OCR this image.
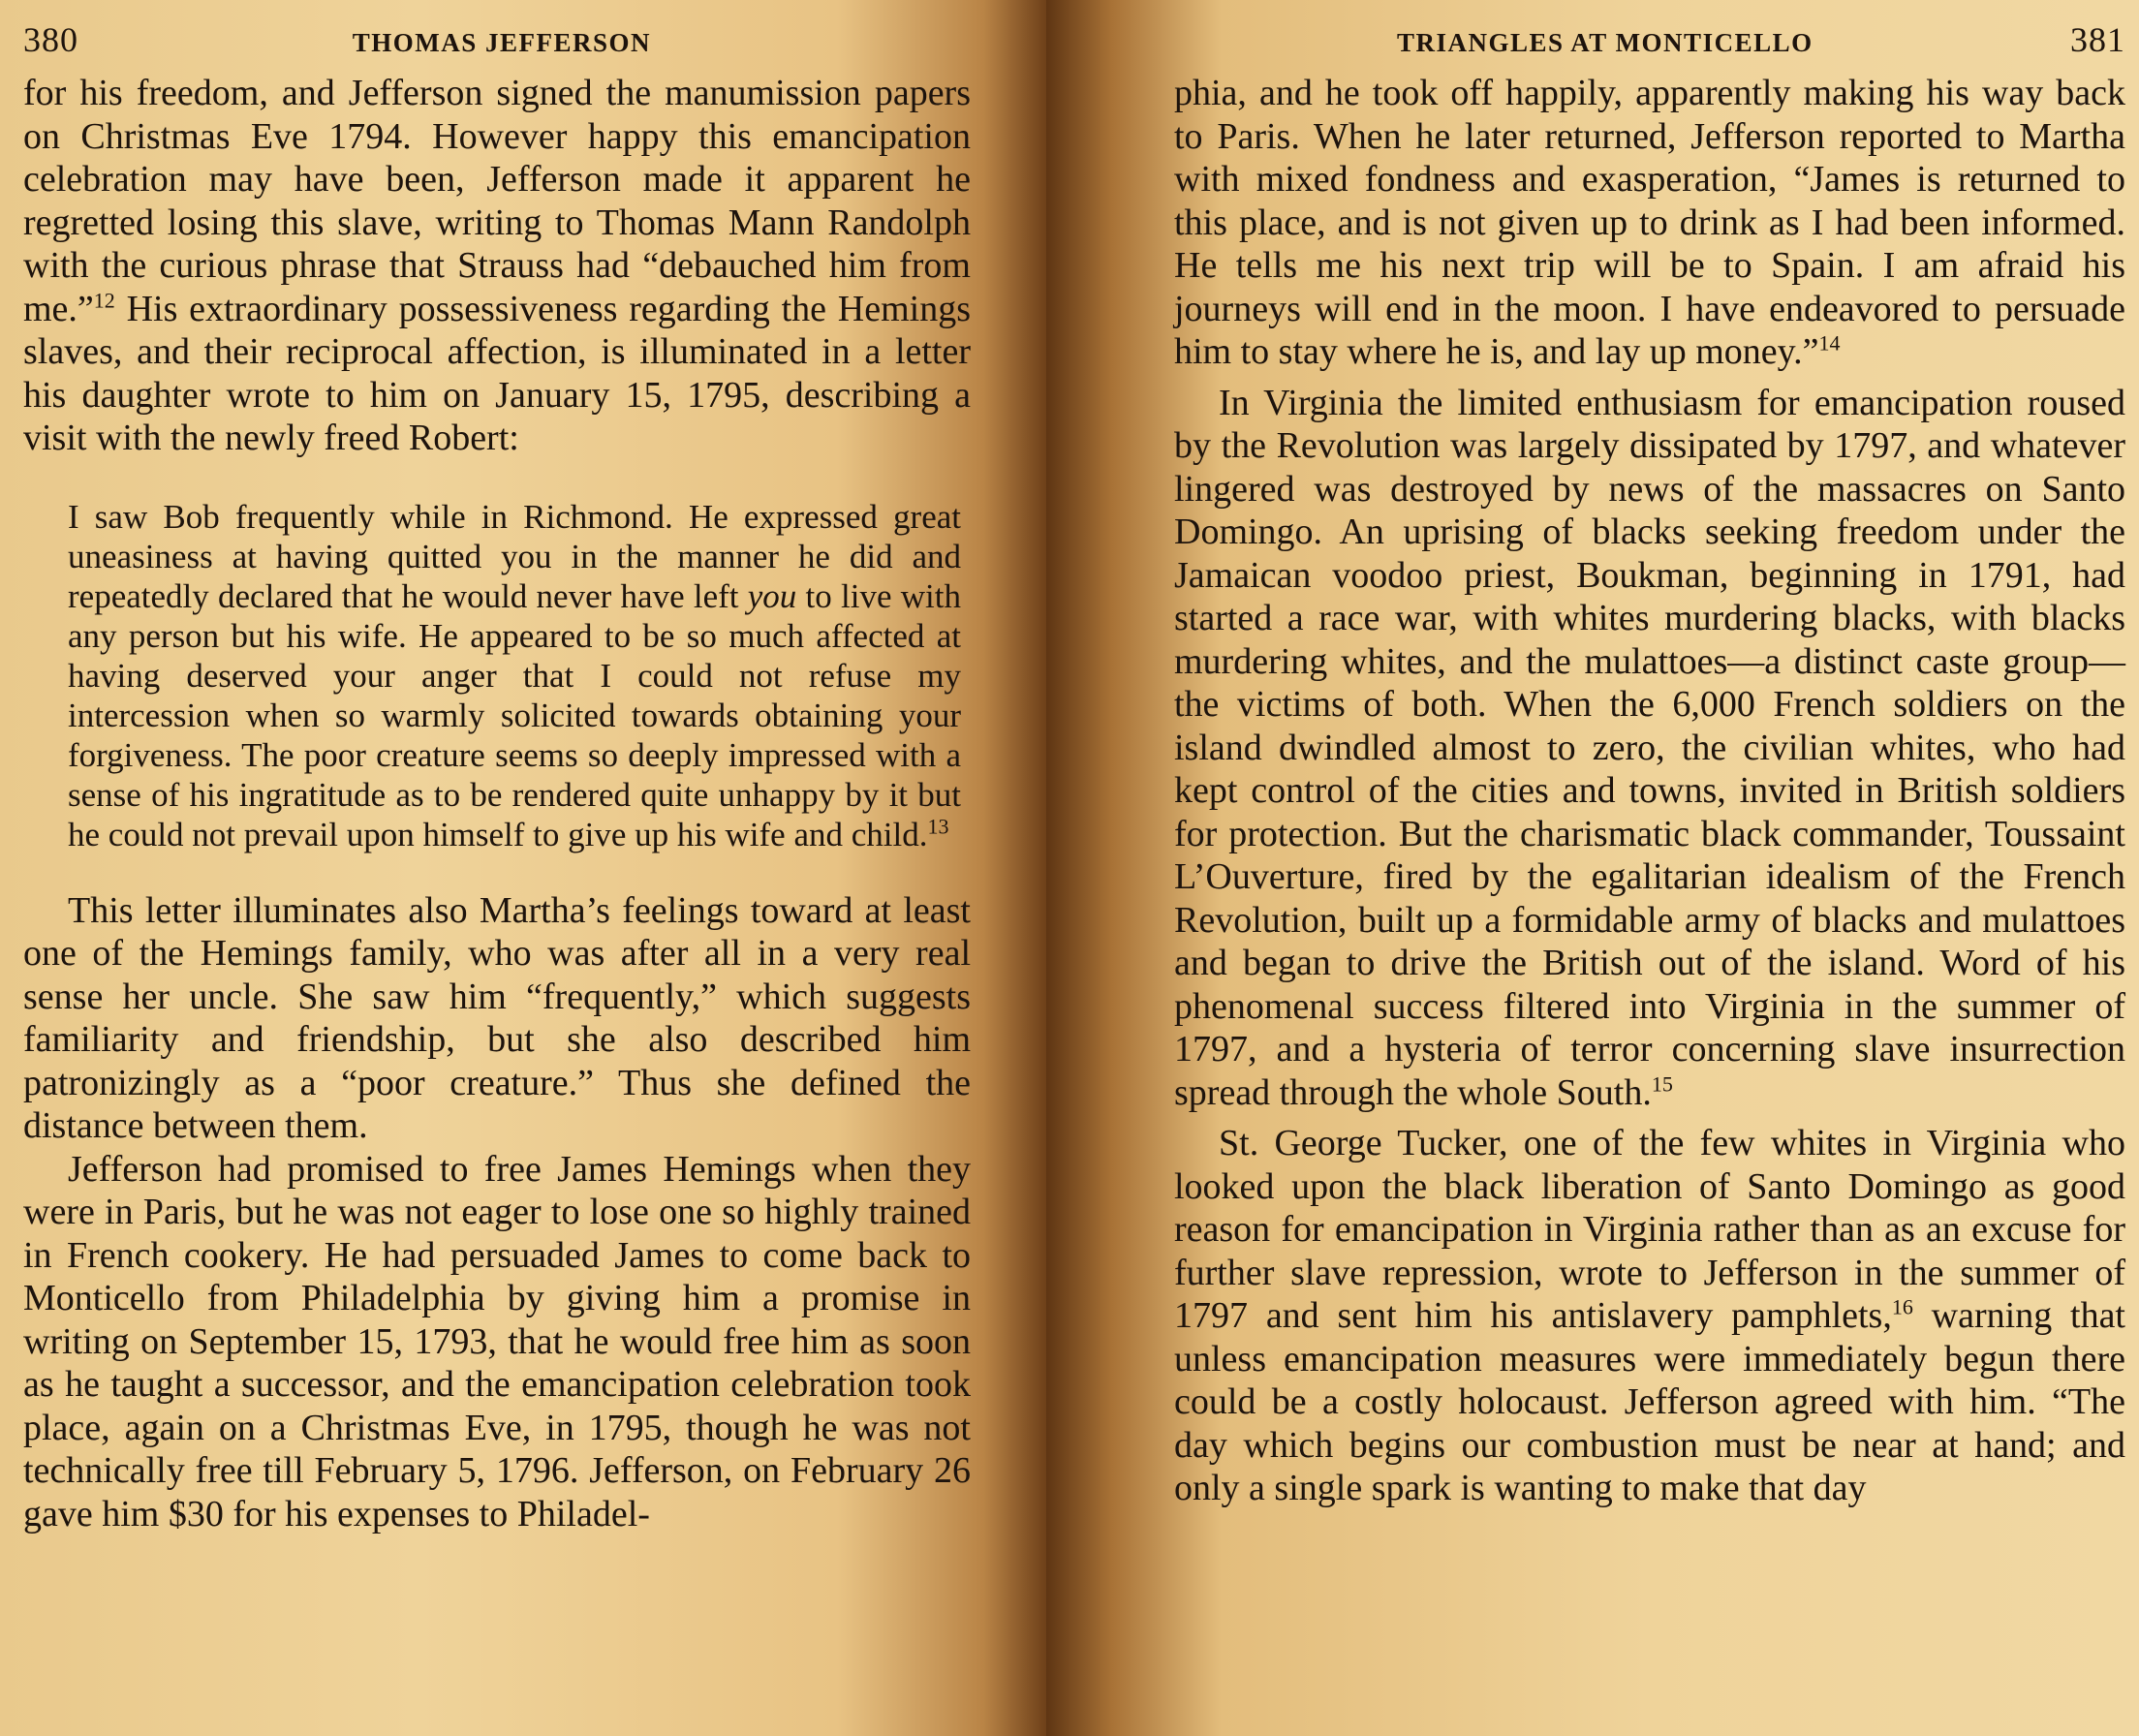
380	THOMAS JEFFERSON

for his freedom, and Jefferson signed the manumission papers on Christmas Eve 1794. However happy this emancipation celebration may have been, Jefferson made it apparent he regretted losing this slave, writing to Thomas Mann Randolph with the curious phrase that Strauss had “debauched him from me.”$^{12}$ His extraordinary possessiveness regarding the Hemings slaves, and their reciprocal affection, is illuminated in a letter his daughter wrote to him on January 15, 1795, describing a visit with the newly freed Robert:

I saw Bob frequently while in Richmond. He expressed great uneasiness at having quitted you in the manner he did and repeatedly declared that he would never have left you to live with any person but his wife. He appeared to be so much affected at having deserved your anger that I could not refuse my intercession when so warmly solicited towards obtaining your forgiveness. The poor creature seems so deeply impressed with a sense of his ingratitude as to be rendered quite unhappy by it but he could not prevail upon himself to give up his wife and child.$^{13}$

This letter illuminates also Martha’s feelings toward at least one of the Hemings family, who was after all in a very real sense her uncle. She saw him “frequently,” which suggests familiarity and friendship, but she also described him patronizingly as a “poor creature.” Thus she defined the distance between them.

Jefferson had promised to free James Hemings when they were in Paris, but he was not eager to lose one so highly trained in French cookery. He had persuaded James to come back to Monticello from Philadelphia by giving him a promise in writing on September 15, 1793, that he would free him as soon as he taught a successor, and the emancipation celebration took place, again on a Christmas Eve, in 1795, though he was not technically free till February 5, 1796. Jefferson, on February 26 gave him $30 for his expenses to Philadel-

TRIANGLES AT MONTICELLO	381

phia, and he took off happily, apparently making his way back to Paris. When he later returned, Jefferson reported to Martha with mixed fondness and exasperation, “James is returned to this place, and is not given up to drink as I had been informed. He tells me his next trip will be to Spain. I am afraid his journeys will end in the moon. I have endeavored to persuade him to stay where he is, and lay up money.”$^{14}$

In Virginia the limited enthusiasm for emancipation roused by the Revolution was largely dissipated by 1797, and whatever lingered was destroyed by news of the massacres on Santo Domingo. An uprising of blacks seeking freedom under the Jamaican voodoo priest, Boukman, beginning in 1791, had started a race war, with whites murdering blacks, with blacks murdering whites, and the mulattoes—a distinct caste group—the victims of both. When the 6,000 French soldiers on the island dwindled almost to zero, the civilian whites, who had kept control of the cities and towns, invited in British soldiers for protection. But the charismatic black commander, Toussaint L’Ouverture, fired by the egalitarian idealism of the French Revolution, built up a formidable army of blacks and mulattoes and began to drive the British out of the island. Word of his phenomenal success filtered into Virginia in the summer of 1797, and a hysteria of terror concerning slave insurrection spread through the whole South.$^{15}$

St. George Tucker, one of the few whites in Virginia who looked upon the black liberation of Santo Domingo as good reason for emancipation in Virginia rather than as an excuse for further slave repression, wrote to Jefferson in the summer of 1797 and sent him his antislavery pamphlets,$^{16}$ warning that unless emancipation measures were immediately begun there could be a costly holocaust. Jefferson agreed with him. “The day which begins our combustion must be near at hand; and only a single spark is wanting to make that day
